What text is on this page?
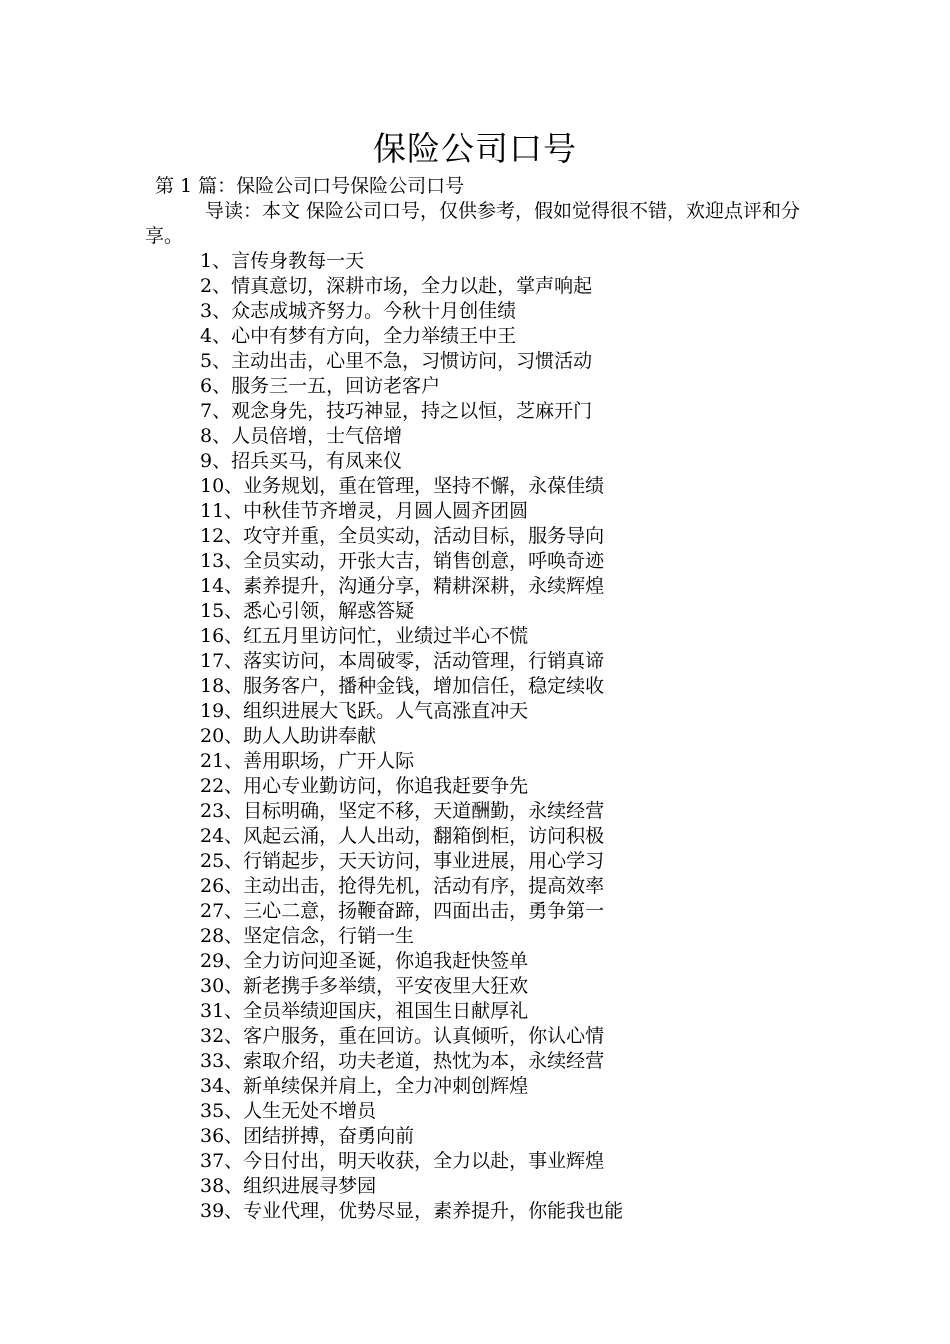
保险公司口号
第 1 篇：保险公司口号保险公司口号
导读：本文 保险公司口号，仅供参考，假如觉得很不错，欢迎点评和分享。
1、言传身教每一天
2、情真意切，深耕市场，全力以赴，掌声响起
3、众志成城齐努力。今秋十月创佳绩
4、心中有梦有方向，全力举绩王中王
5、主动出击，心里不急，习惯访问，习惯活动
6、服务三一五，回访老客户
7、观念身先，技巧神显，持之以恒，芝麻开门
8、人员倍增，士气倍增
9、招兵买马，有凤来仪
10、业务规划，重在管理，坚持不懈，永葆佳绩
11、中秋佳节齐增灵，月圆人圆齐团圆
12、攻守并重，全员实动，活动目标，服务导向
13、全员实动，开张大吉，销售创意，呼唤奇迹
14、素养提升，沟通分享，精耕深耕，永续辉煌
15、悉心引领，解惑答疑
16、红五月里访问忙，业绩过半心不慌
17、落实访问，本周破零，活动管理，行销真谛
18、服务客户，播种金钱，增加信任，稳定续收
19、组织进展大飞跃。人气高涨直冲天
20、助人人助讲奉献
21、善用职场，广开人际
22、用心专业勤访问，你追我赶要争先
23、目标明确，坚定不移，天道酬勤，永续经营
24、风起云涌，人人出动，翻箱倒柜，访问积极
25、行销起步，天天访问，事业进展，用心学习
26、主动出击，抢得先机，活动有序，提高效率
27、三心二意，扬鞭奋蹄，四面出击，勇争第一
28、坚定信念，行销一生
29、全力访问迎圣诞，你追我赶快签单
30、新老携手多举绩，平安夜里大狂欢
31、全员举绩迎国庆，祖国生日献厚礼
32、客户服务，重在回访。认真倾听，你认心情
33、索取介绍，功夫老道，热忱为本，永续经营
34、新单续保并肩上，全力冲刺创辉煌
35、人生无处不增员
36、团结拼搏，奋勇向前
37、今日付出，明天收获，全力以赴，事业辉煌
38、组织进展寻梦园
39、专业代理，优势尽显，素养提升，你能我也能
